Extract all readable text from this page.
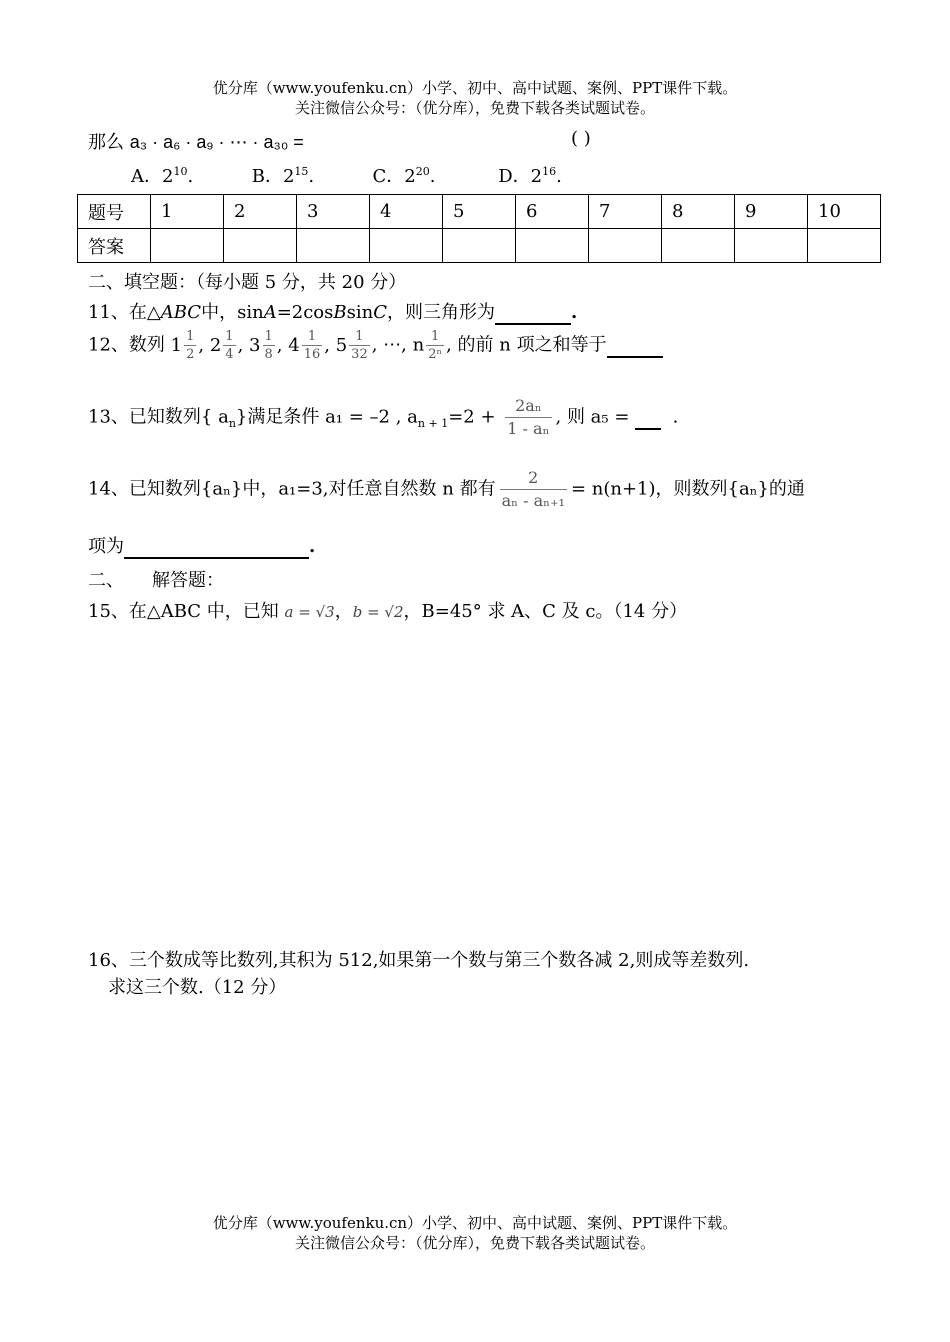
优分库（www.youfenku.cn）小学、初中、高中试题、案例、PPT课件下载。
关注微信公众号：（优分库），免费下载各类试题试卷。
那么 a₃ · a₆ · a₉ · ⋯ · a₃₀ =	( )
A．$2^{10}$.	B．$2^{15}$.	C．$2^{20}$.	D．$2^{16}$.
题号	1	2	3	4	5	6	7	8	9	10
答案										
二、填空题：（每小题 5 分，共 20 分）
11、在△ABC中，sinA=2cosBsinC，则三角形为	.
12、数列 $1 \frac{1}{2}$ , $2 \frac{1}{4}$ , $3 \frac{1}{8}$ , $4 \frac{1}{16}$ , $5 \frac{1}{32}$ , ⋯, n $\frac{1}{\text{2ⁿ}}$ , 的前 n 项之和等于
13、已知数列{ $a_n$}满足条件 a₁ = –2 , $a_{n + 1}=2 + \frac{\text{2aₙ}}{\text{1 - aₙ}}$ , 则 a₅ = .
14、已知数列{aₙ}中，a₁=3,对任意自然数 n 都有 $\frac{2}{\text{aₙ - aₙ₊₁}} = n(n+1)$，则数列{aₙ}的通
项为	.
二、 解答题：
15、在△ABC 中，已知 a = √3，b = √2，B=45° 求 A、C 及 c。（14 分）
16、三个数成等比数列,其积为 512,如果第一个数与第三个数各减 2,则成等差数列.
求这三个数.（12 分）
优分库（www.youfenku.cn）小学、初中、高中试题、案例、PPT课件下载。
关注微信公众号：（优分库），免费下载各类试题试卷。
